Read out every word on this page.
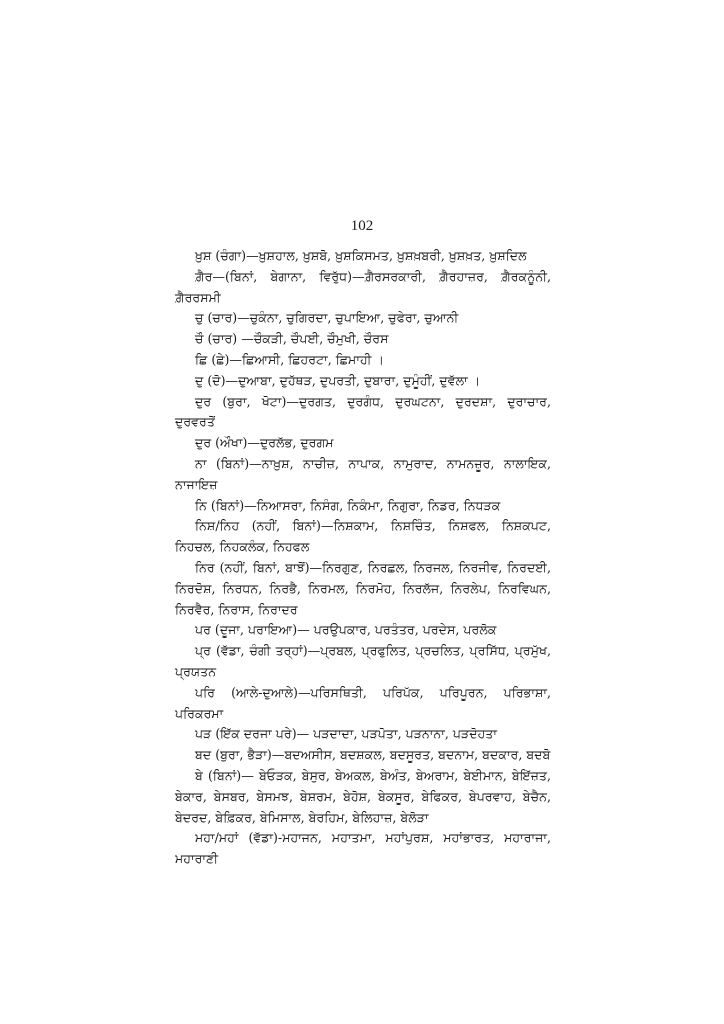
102

ਖ਼ੁਸ਼ (ਚੰਗਾ)—ਖ਼ੁਸ਼ਹਾਲ, ਖ਼ੁਸ਼ਬੋ, ਖ਼ੁਸ਼ਕਿਸਮਤ, ਖ਼ੁਸ਼ਖ਼ਬਰੀ, ਖ਼ੁਸ਼ਖ਼ਤ, ਖ਼ੁਸ਼ਦਿਲ

ਗ਼ੈਰ—(ਬਿਨਾਂ, ਬੇਗਾਨਾ, ਵਿਰੁੱਧ)—ਗ਼ੈਰਸਰਕਾਰੀ, ਗ਼ੈਰਹਾਜ਼ਰ, ਗ਼ੈਰਕਨੂੰਨੀ, ਗ਼ੈਰਰਸਮੀ

ਚੁ (ਚਾਰ)—ਚੁਕੰਨਾ, ਚੁਗਿਰਦਾ, ਚੁਪਾਇਆ, ਚੁਫੇਰਾ, ਚੁਆਨੀ

ਚੌ (ਚਾਰ) —ਚੌਕੜੀ, ਚੌਪਈ, ਚੌਮੁਖੀ, ਚੌਰਸ

ਛਿ (ਛੇ)—ਛਿਆਸੀ, ਛਿਹਰਟਾ, ਛਿਮਾਹੀ ।

ਦੁ (ਦੋ)—ਦੁਆਬਾ, ਦੁਹੱਥੜ, ਦੁਪਰਤੀ, ਦੁਬਾਰਾ, ਦੁਮੂੰਹੀਂ, ਦੁਵੱਲਾ ।

ਦੁਰ (ਬੁਰਾ, ਖੋਟਾ)—ਦੁਰਗਤ, ਦੁਰਗੰਧ, ਦੁਰਘਟਨਾ, ਦੁਰਦਸ਼ਾ, ਦੁਰਾਚਾਰ, ਦੁਰਵਰਤੋਂ

ਦੁਰ (ਔਖਾ)—ਦੁਰਲੱਭ, ਦੁਰਗਮ

ਨਾ (ਬਿਨਾਂ)—ਨਾਖ਼ੁਸ਼, ਨਾਚੀਜ਼, ਨਾਪਾਕ, ਨਾਮੁਰਾਦ, ਨਾਮਨਜ਼ੂਰ, ਨਾਲਾਇਕ, ਨਾਜਾਇਜ਼

ਨਿ (ਬਿਨਾਂ)—ਨਿਆਸਰਾ, ਨਿਸੰਗ, ਨਿਕੰਮਾ, ਨਿਗੁਰਾ, ਨਿਡਰ, ਨਿਧੜਕ

ਨਿਸ਼/ਨਿਹ (ਨਹੀਂ, ਬਿਨਾਂ)—ਨਿਸ਼ਕਾਮ, ਨਿਸ਼ਚਿੰਤ, ਨਿਸ਼ਫਲ, ਨਿਸ਼ਕਪਟ, ਨਿਹਚਲ, ਨਿਹਕਲੰਕ, ਨਿਹਫਲ

ਨਿਰ (ਨਹੀਂ, ਬਿਨਾਂ, ਬਾਝੋਂ)—ਨਿਰਗੁਣ, ਨਿਰਛਲ, ਨਿਰਜਲ, ਨਿਰਜੀਵ, ਨਿਰਦਈ, ਨਿਰਦੋਸ਼, ਨਿਰਧਨ, ਨਿਰਭੈ, ਨਿਰਮਲ, ਨਿਰਮੋਹ, ਨਿਰਲੱਜ, ਨਿਰਲੇਪ, ਨਿਰਵਿਘਨ, ਨਿਰਵੈਰ, ਨਿਰਾਸ, ਨਿਰਾਦਰ

ਪਰ (ਦੂਜਾ, ਪਰਾਇਆ)— ਪਰਉਪਕਾਰ, ਪਰਤੰਤਰ, ਪਰਦੇਸ, ਪਰਲੋਕ

ਪ੍ਰ (ਵੱਡਾ, ਚੰਗੀ ਤਰ੍ਹਾਂ)—ਪ੍ਰਬਲ, ਪ੍ਰਫੁਲਿਤ, ਪ੍ਰਚਲਿਤ, ਪ੍ਰਸਿੱਧ, ਪ੍ਰਮੁੱਖ, ਪ੍ਰਯਤਨ

ਪਰਿ (ਆਲੇ-ਦੁਆਲੇ)—ਪਰਿਸਥਿਤੀ, ਪਰਿਪੱਕ, ਪਰਿਪੂਰਨ, ਪਰਿਭਾਸ਼ਾ, ਪਰਿਕਰਮਾ

ਪੜ (ਇੱਕ ਦਰਜਾ ਪਰੇ)— ਪੜਦਾਦਾ, ਪੜਪੋਤਾ, ਪੜਨਾਨਾ, ਪੜਦੋਹਤਾ

ਬਦ (ਬੁਰਾ, ਭੈੜਾ)—ਬਦਅਸੀਸ, ਬਦਸ਼ਕਲ, ਬਦਸੂਰਤ, ਬਦਨਾਮ, ਬਦਕਾਰ, ਬਦਬੋ

ਬੇ (ਬਿਨਾਂ)— ਬੇਓੜਕ, ਬੇਸੁਰ, ਬੇਅਕਲ, ਬੇਅੰਤ, ਬੇਅਰਾਮ, ਬੇਈਮਾਨ, ਬੇਇੱਜ਼ਤ, ਬੇਕਾਰ, ਬੇਸਬਰ, ਬੇਸਮਝ, ਬੇਸ਼ਰਮ, ਬੇਹੋਸ਼, ਬੇਕਸੂਰ, ਬੇਫਿਕਰ, ਬੇਪਰਵਾਹ, ਬੇਚੈਨ, ਬੇਦਰਦ, ਬੇਫ਼ਿਕਰ, ਬੇਮਿਸਾਲ, ਬੇਰਹਿਮ, ਬੇਲਿਹਾਜ਼, ਬੇਲੋੜਾ

ਮਹਾ/ਮਹਾਂ (ਵੱਡਾ)-ਮਹਾਜਨ, ਮਹਾਤਮਾ, ਮਹਾਂਪੁਰਸ਼, ਮਹਾਂਭਾਰਤ, ਮਹਾਰਾਜਾ, ਮਹਾਰਾਣੀ
